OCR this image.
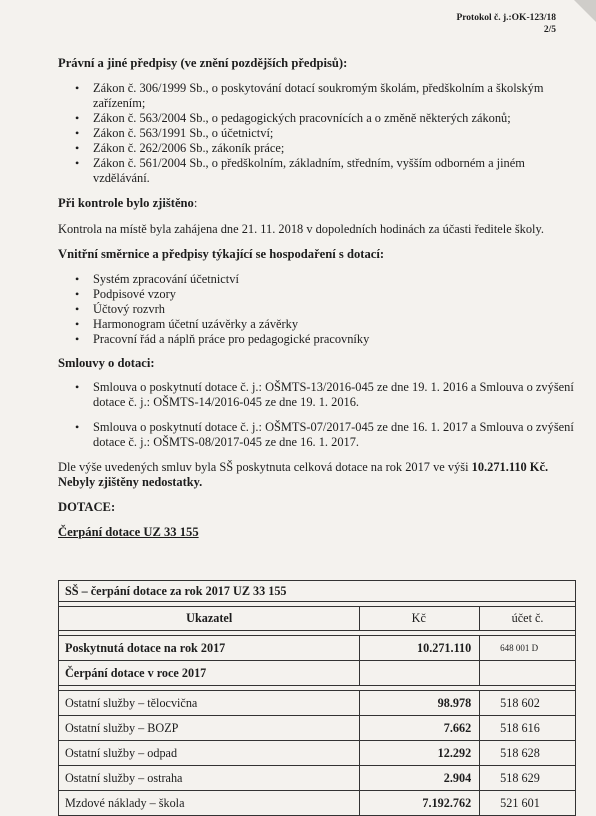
Protokol č. j.:OK-123/18
2/5
Právní a jiné předpisy (ve znění pozdějších předpisů):
• Zákon č. 306/1999 Sb., o poskytování dotací soukromým školám, předškolním a školským zařízením;
• Zákon č. 563/2004 Sb., o pedagogických pracovnících a o změně některých zákonů;
• Zákon č. 563/1991 Sb., o účetnictví;
• Zákon č. 262/2006 Sb., zákoník práce;
• Zákon č. 561/2004 Sb., o předškolním, základním, středním, vyšším odborném a jiném vzdělávání.
Při kontrole bylo zjištěno:

Kontrola na místě byla zahájena dne 21. 11. 2018 v dopoledních hodinách za účasti ředitele školy.

Vnitřní směrnice a předpisy týkající se hospodaření s dotací:
• Systém zpracování účetnictví
• Podpisové vzory
• Účtový rozvrh
• Harmonogram účetní uzávěrky a závěrky
• Pracovní řád a náplň práce pro pedagogické pracovníky
Smlouvy o dotaci:
• Smlouva o poskytnutí dotace č. j.: OŠMTS-13/2016-045 ze dne 19. 1. 2016 a Smlouva o zvýšení dotace č. j.: OŠMTS-14/2016-045 ze dne 19. 1. 2016.
• Smlouva o poskytnutí dotace č. j.: OŠMTS-07/2017-045 ze dne 16. 1. 2017 a Smlouva o zvýšení dotace č. j.: OŠMTS-08/2017-045 ze dne 16. 1. 2017.

Dle výše uvedených smluv byla SŠ poskytnuta celková dotace na rok 2017 ve výši 10.271.110 Kč.
Nebyly zjištěny nedostatky.

DOTACE:
Čerpání dotace UZ 33 155
SŠ – čerpání dotace za rok 2017 UZ 33 155		

Ukazatel	Kč	účet č.

Poskytnutá dotace na rok 2017	10.271.110	648 001 D
Čerpání dotace v roce 2017		

Ostatní služby – tělocvična	98.978	518 602
Ostatní služby – BOZP	7.662	518 616
Ostatní služby – odpad	12.292	518 628
Ostatní služby – ostraha	2.904	518 629
Mzdové náklady – škola	7.192.762	521 601
